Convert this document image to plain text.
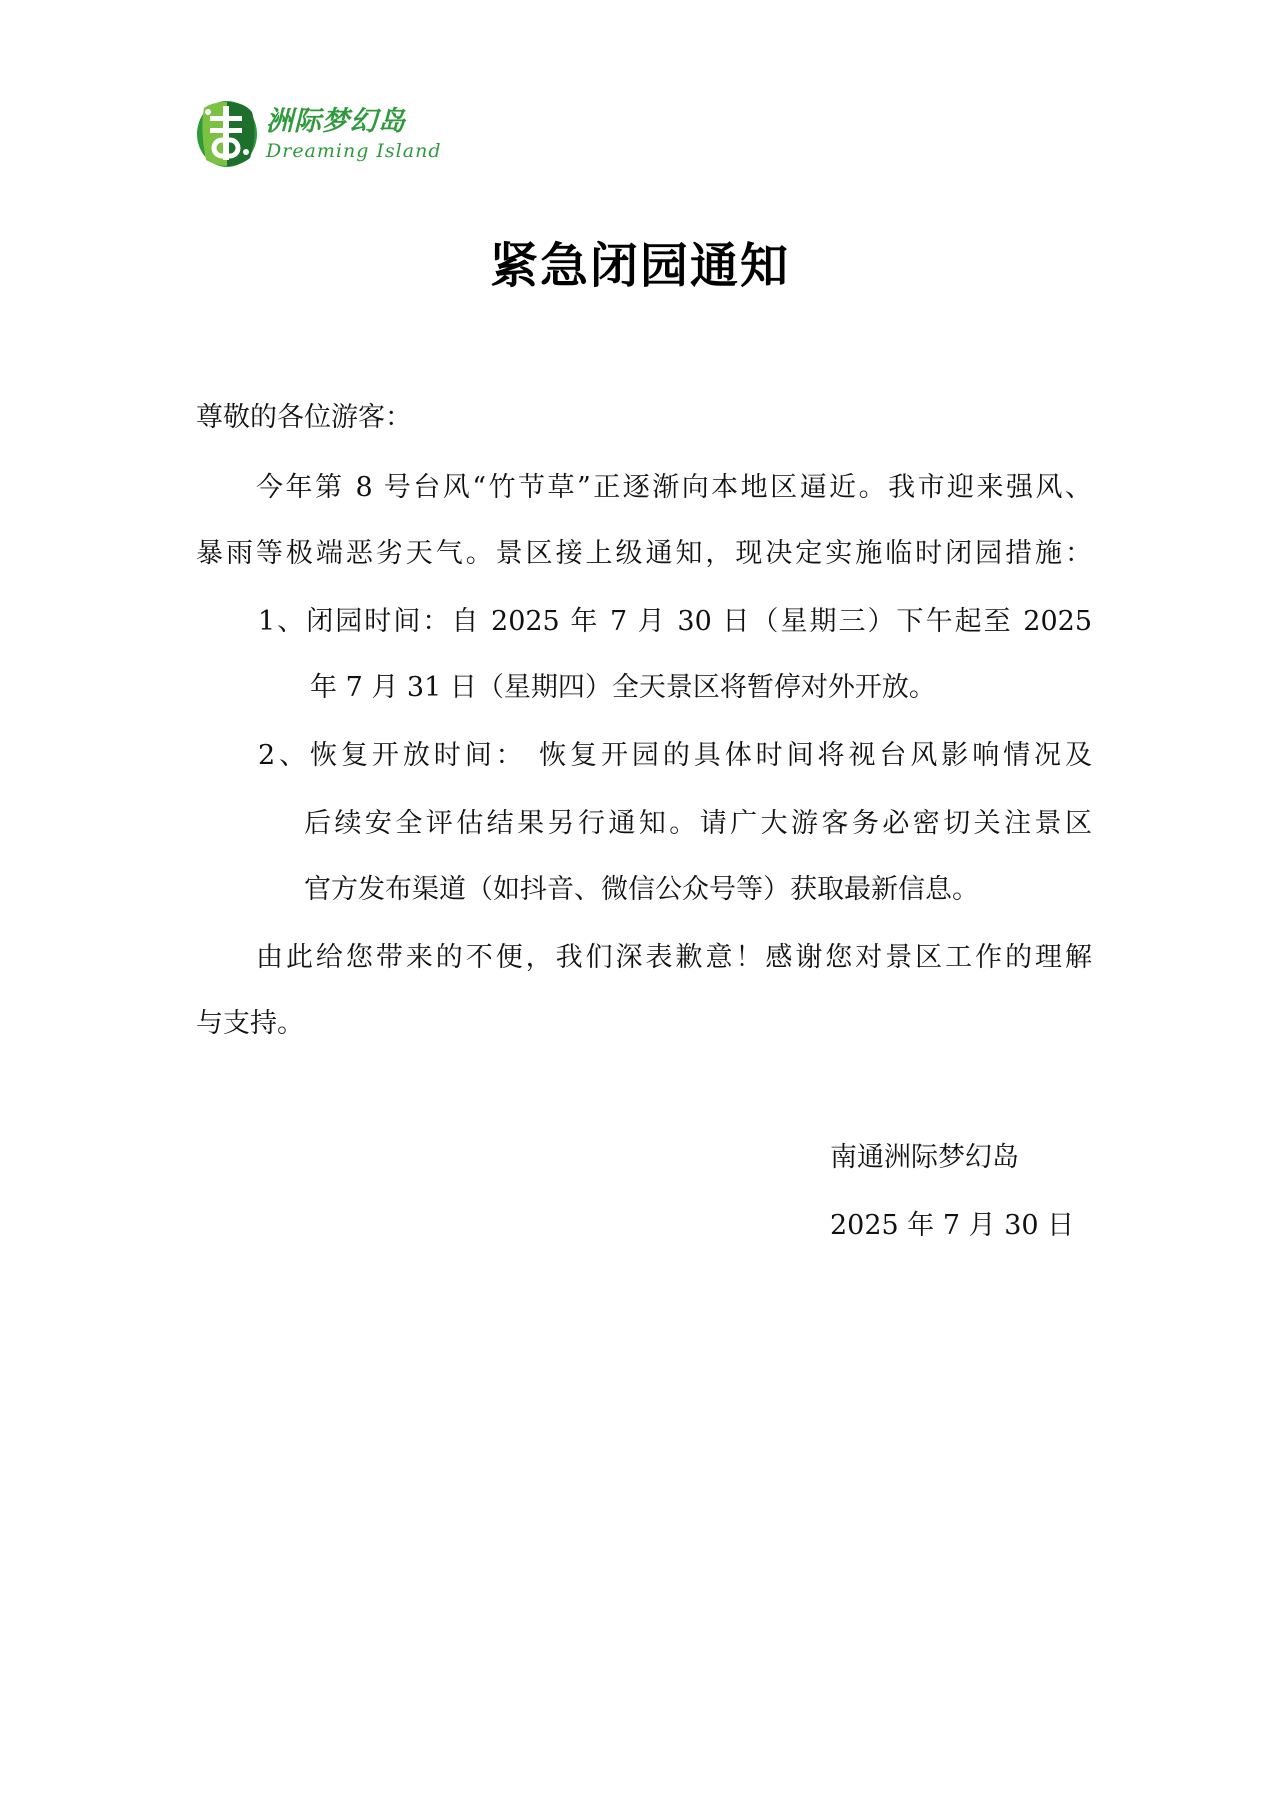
洲际梦幻岛
Dreaming Island
紧急闭园通知
尊敬的各位游客：
今年第 8 号台风“竹节草”正逐渐向本地区逼近。我市迎来强风、
暴雨等极端恶劣天气。景区接上级通知，现决定实施临时闭园措施：
1、闭园时间：自 2025 年 7 月 30 日（星期三）下午起至 2025
年 7 月 31 日（星期四）全天景区将暂停对外开放。
2、恢复开放时间： 恢复开园的具体时间将视台风影响情况及
后续安全评估结果另行通知。请广大游客务必密切关注景区
官方发布渠道（如抖音、微信公众号等）获取最新信息。
由此给您带来的不便，我们深表歉意！感谢您对景区工作的理解
与支持。
南通洲际梦幻岛
2025 年 7 月 30 日
